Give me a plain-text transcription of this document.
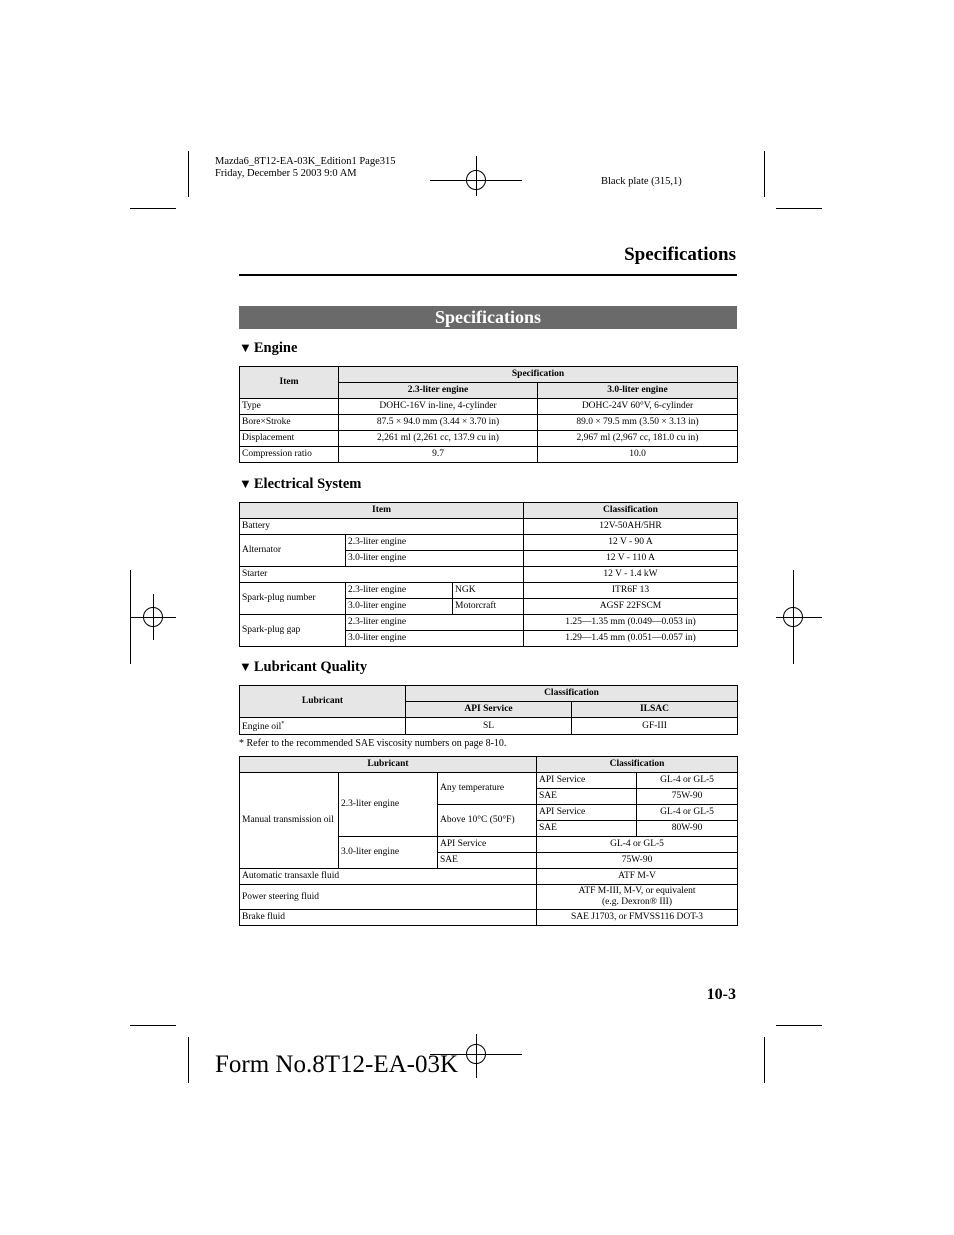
Mazda6_8T12-EA-03K_Edition1 Page315
Friday, December 5 2003 9:0 AM
Black plate (315,1)
Specifications
Specifications
▼ Engine
Item	Specification	
	2.3-liter engine	3.0-liter engine
Type	DOHC-16V in-line, 4-cylinder	DOHC-24V 60°V, 6-cylinder
Bore×Stroke	87.5 × 94.0 mm (3.44 × 3.70 in)	89.0 × 79.5 mm (3.50 × 3.13 in)
Displacement	2,261 ml (2,261 cc, 137.9 cu in)	2,967 ml (2,967 cc, 181.0 cu in)
Compression ratio	9.7	10.0
▼ Electrical System
Item			Classification
Battery			12V-50AH/5HR
Alternator	2.3-liter engine		12 V - 90 A
	3.0-liter engine		12 V - 110 A
Starter			12 V - 1.4 kW
Spark-plug number	2.3-liter engine	NGK	ITR6F 13
	3.0-liter engine	Motorcraft	AGSF 22FSCM
Spark-plug gap	2.3-liter engine		1.25—1.35 mm (0.049—0.053 in)
	3.0-liter engine		1.29—1.45 mm (0.051—0.057 in)
▼ Lubricant Quality
Lubricant	Classification	
	API Service	ILSAC
Engine oil*	SL	GF-III
* Refer to the recommended SAE viscosity numbers on page 8-10.
Lubricant			Classification	
Manual transmission oil	2.3-liter engine	Any temperature	API Service	GL-4 or GL-5
			SAE	75W-90
		Above 10°C (50°F)	API Service	GL-4 or GL-5
			SAE	80W-90
	3.0-liter engine	API Service	GL-4 or GL-5	
		SAE	75W-90	
Automatic transaxle fluid			ATF M-V	
Power steering fluid			ATF M-III, M-V, or equivalent
(e.g. Dexron® III)	

Brake fluid			SAE J1703, or FMVSS116 DOT-3	
10-3
Form No.8T12-EA-03K
